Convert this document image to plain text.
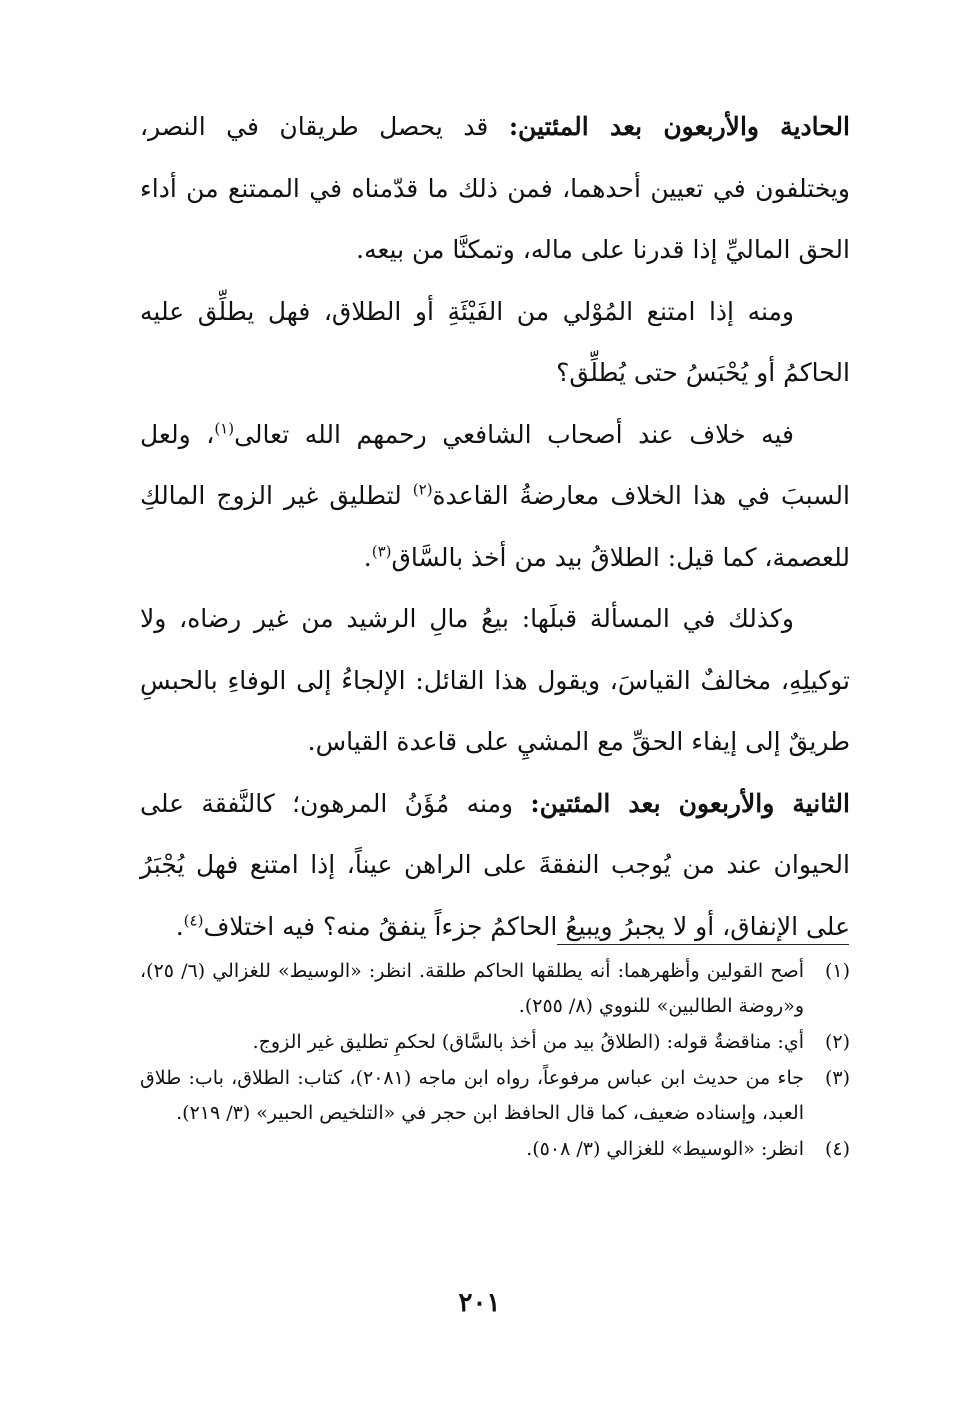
الحادية والأربعون بعد المئتين: قد يحصل طريقان في النصر، ويختلفون في تعيين أحدهما، فمن ذلك ما قدّمناه في الممتنع من أداء الحق الماليِّ إذا قدرنا على ماله، وتمكنَّا من بيعه.

ومنه إذا امتنع المُوْلي من الفَيْئَةِ أو الطلاق، فهل يطلِّق عليه الحاكمُ أو يُحْبَسُ حتى يُطلِّق؟

فيه خلاف عند أصحاب الشافعي رحمهم الله تعالى$^{(١)}$، ولعل السببَ في هذا الخلاف معارضةُ القاعدة$^{(٢)}$ لتطليق غير الزوج المالكِ للعصمة، كما قيل: الطلاقُ بيد من أخذ بالسَّاق$^{(٣)}$.

وكذلك في المسألة قبلَها: بيعُ مالِ الرشيد من غير رضاه، ولا توكيلِهِ، مخالفٌ القياسَ، ويقول هذا القائل: الإلجاءُ إلى الوفاءِ بالحبسِ طريقٌ إلى إيفاء الحقِّ مع المشيِ على قاعدة القياس.

الثانية والأربعون بعد المئتين: ومنه مُؤَنُ المرهون؛ كالنَّفقة على الحيوان عند من يُوجب النفقةَ على الراهن عيناً، إذا امتنع فهل يُجْبَرُ على الإنفاق، أو لا يجبرُ ويبيعُ الحاكمُ جزءاً ينفقُ منه؟ فيه اختلاف$^{(٤)}$.

(١)
أصح القولين وأظهرهما: أنه يطلقها الحاكم طلقة. انظر: «الوسيط» للغزالي (٦/ ٢٥)، و«روضة الطالبين» للنووي (٨/ ٢٥٥).
(٢)
أي: مناقضةُ قوله: (الطلاقُ بيد من أخذ بالسَّاق) لحكمِ تطليق غير الزوج.
(٣)
جاء من حديث ابن عباس مرفوعاً، رواه ابن ماجه (٢٠٨١)، كتاب: الطلاق، باب: طلاق العبد، وإسناده ضعيف، كما قال الحافظ ابن حجر في «التلخيص الحبير» (٣/ ٢١٩).
(٤)
انظر: «الوسيط» للغزالي (٣/ ٥٠٨).
٢٠١
